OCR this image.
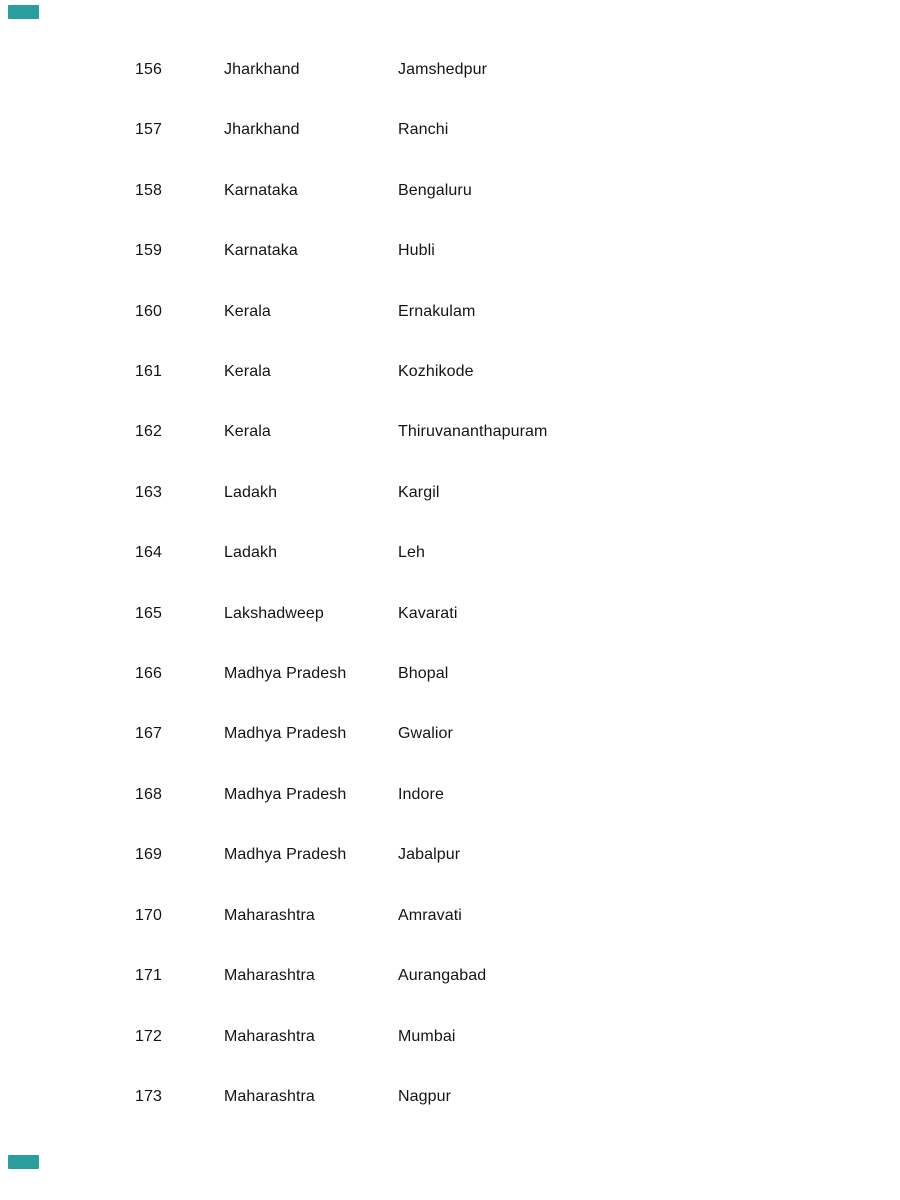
156	Jharkhand	Jamshedpur
157	Jharkhand	Ranchi
158	Karnataka	Bengaluru
159	Karnataka	Hubli
160	Kerala	Ernakulam
161	Kerala	Kozhikode
162	Kerala	Thiruvananthapuram
163	Ladakh	Kargil
164	Ladakh	Leh
165	Lakshadweep	Kavarati
166	Madhya Pradesh	Bhopal
167	Madhya Pradesh	Gwalior
168	Madhya Pradesh	Indore
169	Madhya Pradesh	Jabalpur
170	Maharashtra	Amravati
171	Maharashtra	Aurangabad
172	Maharashtra	Mumbai
173	Maharashtra	Nagpur
